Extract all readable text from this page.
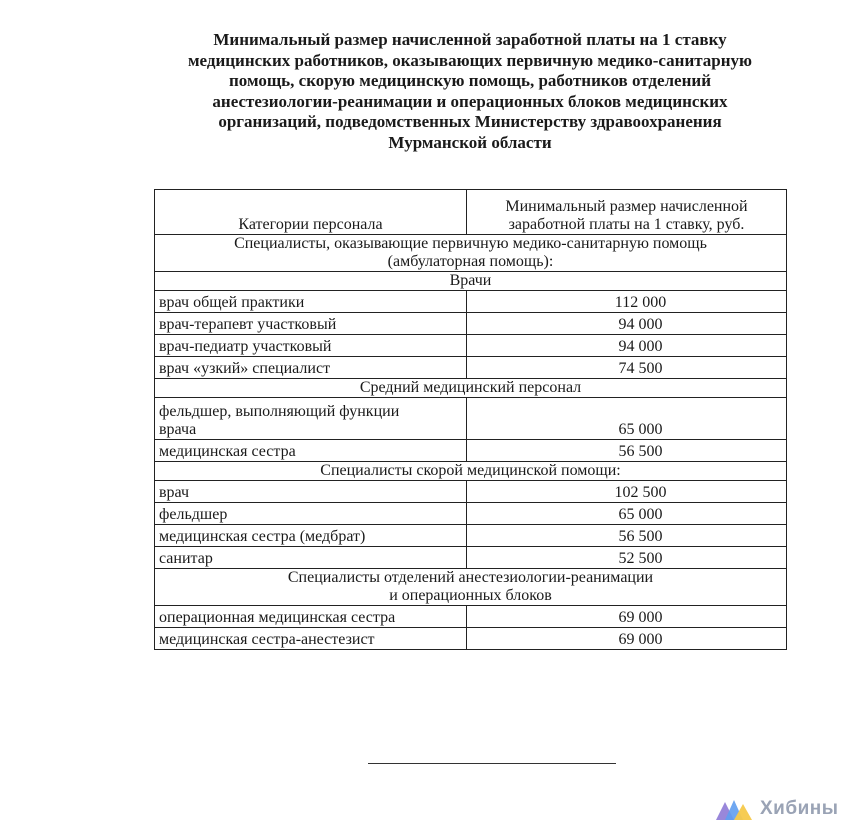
Минимальный размер начисленной заработной платы на 1 ставку
медицинских работников, оказывающих первичную медико-санитарную
помощь, скорую медицинскую помощь, работников отделений
анестезиологии-реанимации и операционных блоков медицинских
организаций, подведомственных Министерству здравоохранения
Мурманской области
Категории персонала	Минимальный размер начисленной
заработной платы на 1 ставку, руб.

Специалисты, оказывающие первичную медико-санитарную помощь
(амбулаторная помощь):	

Врачи	
врач общей практики	112 000
врач-терапевт участковый	94 000
врач-педиатр участковый	94 000
врач «узкий» специалист	74 500
Средний медицинский персонал	

фельдшер, выполняющий функции
врача	65 000
медицинская сестра	56 500
Специалисты скорой медицинской помощи:	
врач	102 500
фельдшер	65 000
медицинская сестра (медбрат)	56 500
санитар	52 500

Специалисты отделений анестезиологии-реанимации
и операционных блоков	

операционная медицинская сестра	69 000
медицинская сестра-анестезист	69 000
Хибины
